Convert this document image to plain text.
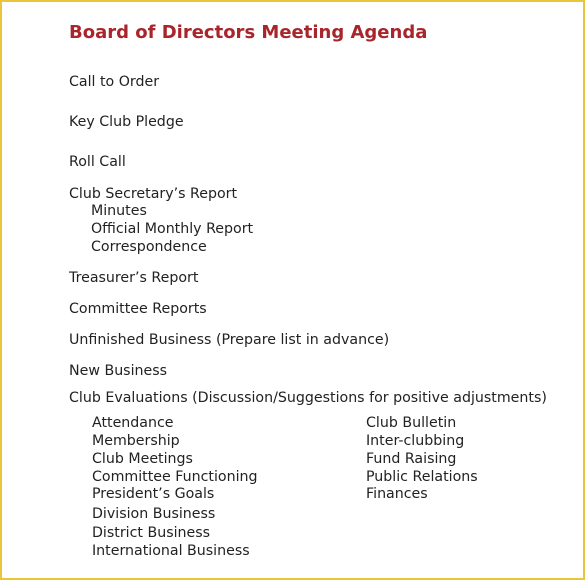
Board of Directors Meeting Agenda
Call to Order
Key Club Pledge
Roll Call
Club Secretary’s Report
Minutes
Official Monthly Report
Correspondence
Treasurer’s Report
Committee Reports
Unfinished Business (Prepare list in advance)
New Business
Club Evaluations (Discussion/Suggestions for positive adjustments)
Attendance
Membership
Club Meetings
Committee Functioning
President’s Goals
Division Business
District Business
International Business
Club Bulletin
Inter-clubbing
Fund Raising
Public Relations
Finances
